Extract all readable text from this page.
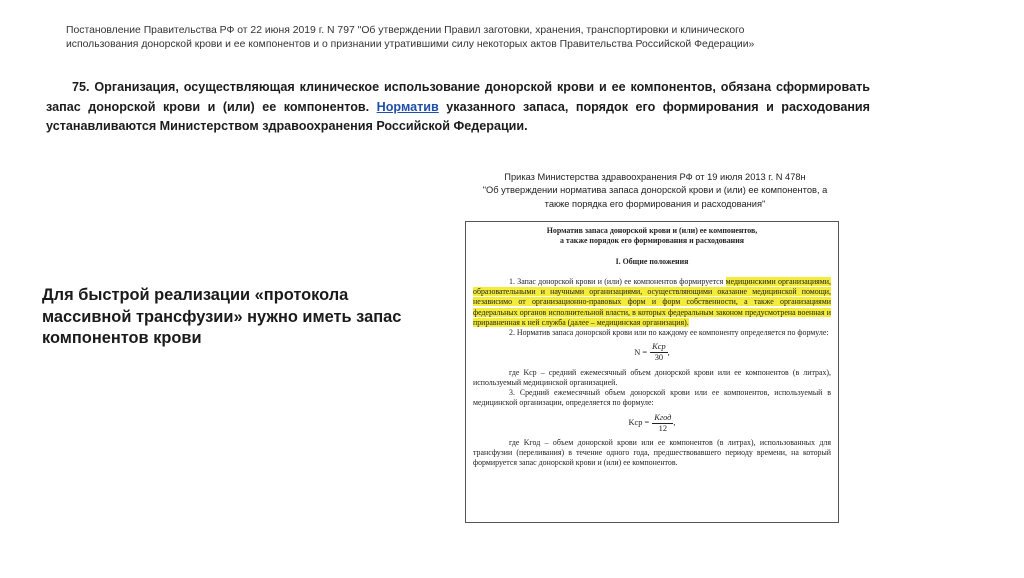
Постановление Правительства РФ от 22 июня 2019 г. N 797 "Об утверждении Правил заготовки, хранения, транспортировки и клинического использования донорской крови и ее компонентов и о признании утратившими силу некоторых актов Правительства Российской Федерации»
75. Организация, осуществляющая клиническое использование донорской крови и ее компонентов, обязана сформировать запас донорской крови и (или) ее компонентов. Норматив указанного запаса, порядок его формирования и расходования устанавливаются Министерством здравоохранения Российской Федерации.
Для быстрой реализации «протокола массивной трансфузии» нужно иметь запас компонентов крови
Приказ Министерства здравоохранения РФ от 19 июля 2013 г. N 478н
"Об утверждении норматива запаса донорской крови и (или) ее компонентов, а также порядка его формирования и расходования"
Норматив запаса донорской крови и (или) ее компонентов,
а также порядок его формирования и расходования
I. Общие положения

1. Запас донорской крови и (или) ее компонентов формируется медицинскими организациями, образовательными и научными организациями, осуществляющими оказание медицинской помощи, независимо от организационно-правовых форм и форм собственности, а также организациями федеральных органов исполнительной власти, в которых федеральным законом предусмотрена военная и приравненная к ней служба (далее – медицинская организация).

2. Норматив запаса донорской крови или по каждому ее компоненту определяется по формуле:

$N = \frac{\text{Kср}}{30}$ ,

где Kср – средний ежемесячный объем донорской крови или ее компонентов (в литрах), используемый медицинской организацией.

3. Средний ежемесячный объем донорской крови или ее компонентов, используемый в медицинской организации, определяется по формуле:

Kср = $\frac{\text{Kгод}}{12}$ ,

где Kгод – объем донорской крови или ее компонентов (в литрах), использованных для трансфузии (переливания) в течение одного года, предшествовавшего периоду времени, на который формируется запас донорской крови и (или) ее компонентов.
